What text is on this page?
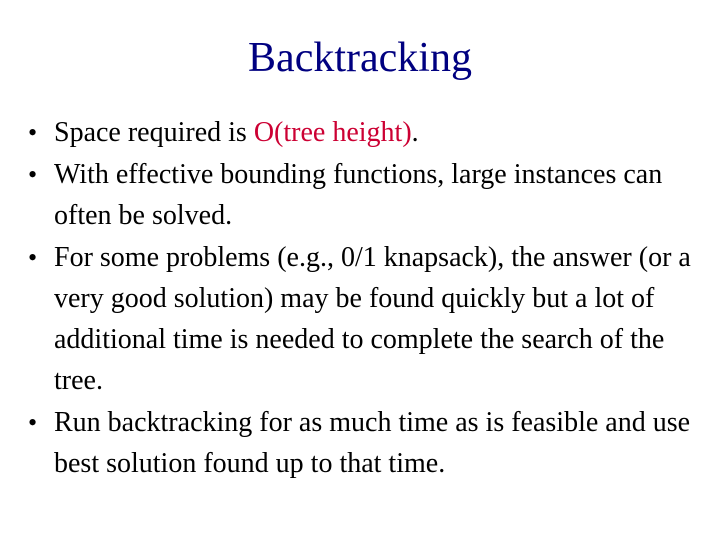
Backtracking
• Space required is O(tree height).
• With effective bounding functions, large instances can often be solved.
• For some problems (e.g., 0/1 knapsack), the answer (or a very good solution) may be found quickly but a lot of additional time is needed to complete the search of the tree.
• Run backtracking for as much time as is feasible and use best solution found up to that time.
